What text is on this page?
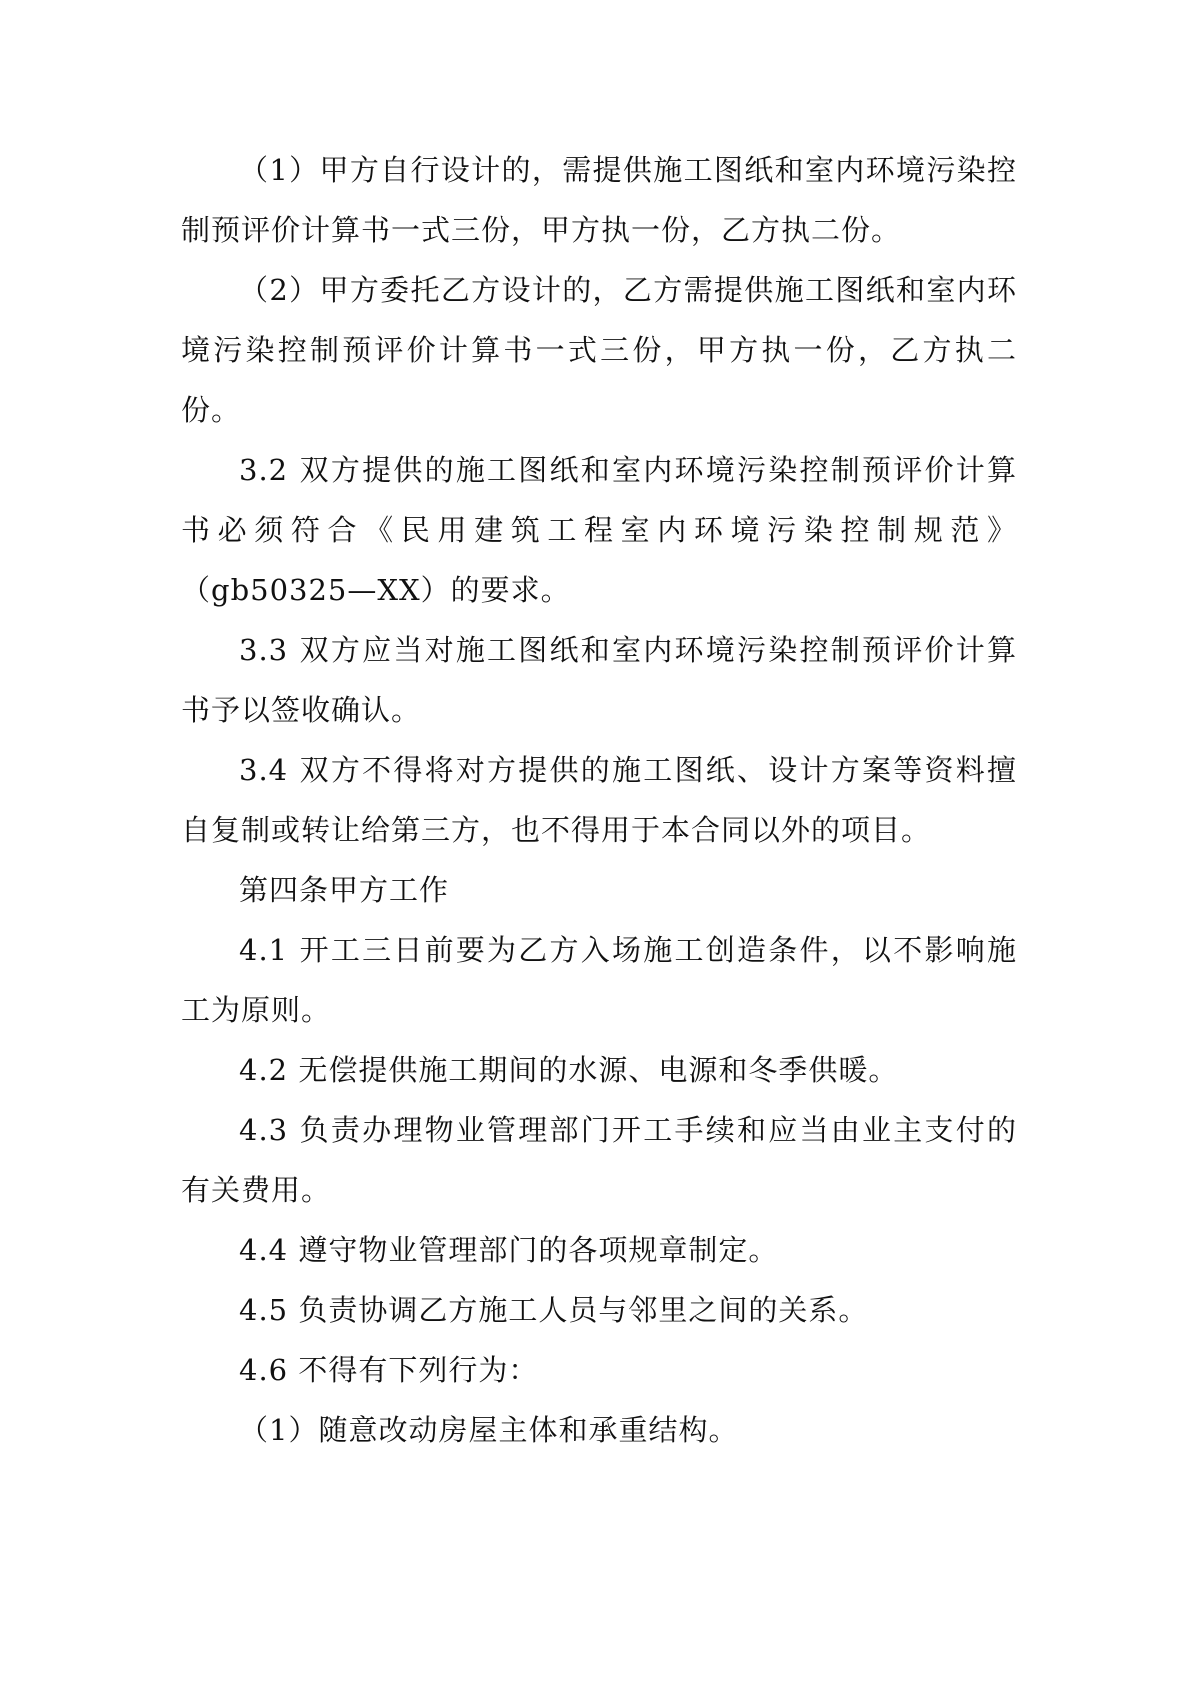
（1）甲方自行设计的，需提供施工图纸和室内环境污染控制预评价计算书一式三份，甲方执一份，乙方执二份。

（2）甲方委托乙方设计的，乙方需提供施工图纸和室内环境污染控制预评价计算书一式三份，甲方执一份，乙方执二份。

3.2 双方提供的施工图纸和室内环境污染控制预评价计算书必须符合《民用建筑工程室内环境污染控制规范》（gb50325—XX）的要求。

3.3 双方应当对施工图纸和室内环境污染控制预评价计算书予以签收确认。

3.4 双方不得将对方提供的施工图纸、设计方案等资料擅自复制或转让给第三方，也不得用于本合同以外的项目。

第四条甲方工作

4.1 开工三日前要为乙方入场施工创造条件，以不影响施工为原则。

4.2 无偿提供施工期间的水源、电源和冬季供暖。

4.3 负责办理物业管理部门开工手续和应当由业主支付的有关费用。

4.4 遵守物业管理部门的各项规章制定。

4.5 负责协调乙方施工人员与邻里之间的关系。

4.6 不得有下列行为：

（1）随意改动房屋主体和承重结构。
